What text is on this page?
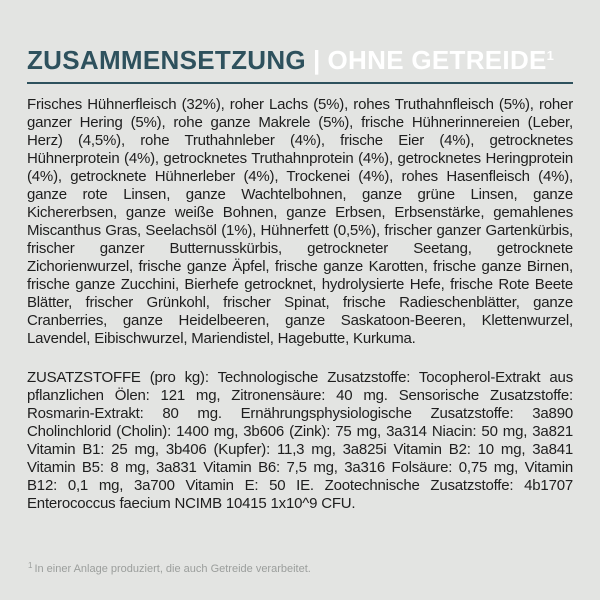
ZUSAMMENSETZUNG | OHNE GETREIDE$^1$

Frisches Hühnerfleisch (32%), roher Lachs (5%), rohes Truthahnfleisch (5%), roher ganzer Hering (5%), rohe ganze Makrele (5%), frische Hühnerinnereien (Leber, Herz) (4,5%), rohe Truthahnleber (4%), frische Eier (4%), getrocknetes Hühnerprotein (4%), getrocknetes Truthahnprotein (4%), getrocknetes Heringprotein (4%), getrocknete Hühnerleber (4%), Trockenei (4%), rohes Hasenfleisch (4%), ganze rote Linsen, ganze Wachtelbohnen, ganze grüne Linsen, ganze Kichererbsen, ganze weiße Bohnen, ganze Erbsen, Erbsenstärke, gemahlenes Miscanthus Gras, Seelachsöl (1%), Hühnerfett (0,5%), frischer ganzer Gartenkürbis, frischer ganzer Butternusskürbis, getrockneter Seetang, getrocknete Zichorienwurzel, frische ganze Äpfel, frische ganze Karotten, frische ganze Birnen, frische ganze Zucchini, Bierhefe getrocknet, hydrolysierte Hefe, frische Rote Beete Blätter, frischer Grünkohl, frischer Spinat, frische Radieschenblätter, ganze Cranberries, ganze Heidelbeeren, ganze Saskatoon-Beeren, Klettenwurzel, Lavendel, Eibischwurzel, Mariendistel, Hagebutte, Kurkuma.

ZUSATZSTOFFE (pro kg): Technologische Zusatzstoffe: Tocopherol-Extrakt aus pflanzlichen Ölen: 121 mg, Zitronensäure: 40 mg. Sensorische Zusatzstoffe: Rosmarin-Extrakt: 80 mg. Ernährungsphysiologische Zusatzstoffe: 3a890 Cholinchlorid (Cholin): 1400 mg, 3b606 (Zink): 75 mg, 3a314 Niacin: 50 mg, 3a821 Vitamin B1: 25 mg, 3b406 (Kupfer): 11,3 mg, 3a825i Vitamin B2: 10 mg, 3a841 Vitamin B5: 8 mg, 3a831 Vitamin B6: 7,5 mg, 3a316 Folsäure: 0,75 mg, Vitamin B12: 0,1 mg, 3a700 Vitamin E: 50 IE. Zootechnische Zusatzstoffe: 4b1707 Enterococcus faecium NCIMB 10415 1x10^9 CFU.

$^1$ In einer Anlage produziert, die auch Getreide verarbeitet.
